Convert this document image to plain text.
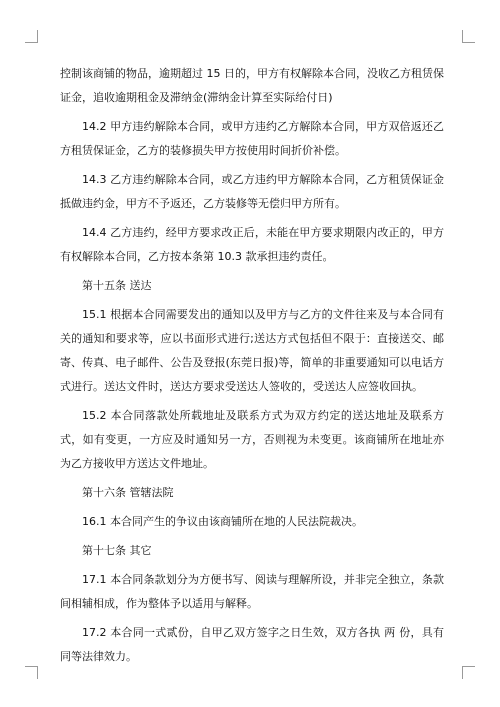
控制该商铺的物品，逾期超过 15 日的，甲方有权解除本合同，没收乙方租赁保证金，追收逾期租金及滞纳金(滞纳金计算至实际给付日)

14.2 甲方违约解除本合同，或甲方违约乙方解除本合同，甲方双倍返还乙方租赁保证金，乙方的装修损失甲方按使用时间折价补偿。

14.3 乙方违约解除本合同，或乙方违约甲方解除本合同，乙方租赁保证金抵做违约金，甲方不予返还，乙方装修等无偿归甲方所有。

14.4 乙方违约，经甲方要求改正后，未能在甲方要求期限内改正的，甲方有权解除本合同，乙方按本条第 10.3 款承担违约责任。

第十五条 送达

15.1 根据本合同需要发出的通知以及甲方与乙方的文件往来及与本合同有关的通知和要求等，应以书面形式进行;送达方式包括但不限于：直接送交、邮寄、传真、电子邮件、公告及登报(东莞日报)等，简单的非重要通知可以电话方式进行。送达文件时，送达方要求受送达人签收的，受送达人应签收回执。

15.2 本合同落款处所载地址及联系方式为双方约定的送达地址及联系方式，如有变更，一方应及时通知另一方，否则视为未变更。该商铺所在地址亦为乙方接收甲方送达文件地址。

第十六条 管辖法院

16.1 本合同产生的争议由该商铺所在地的人民法院裁决。

第十七条 其它

17.1 本合同条款划分为方便书写、阅读与理解所设，并非完全独立，条款间相辅相成，作为整体予以适用与解释。

17.2 本合同一式贰份，自甲乙双方签字之日生效，双方各执 两 份，具有同等法律效力。
